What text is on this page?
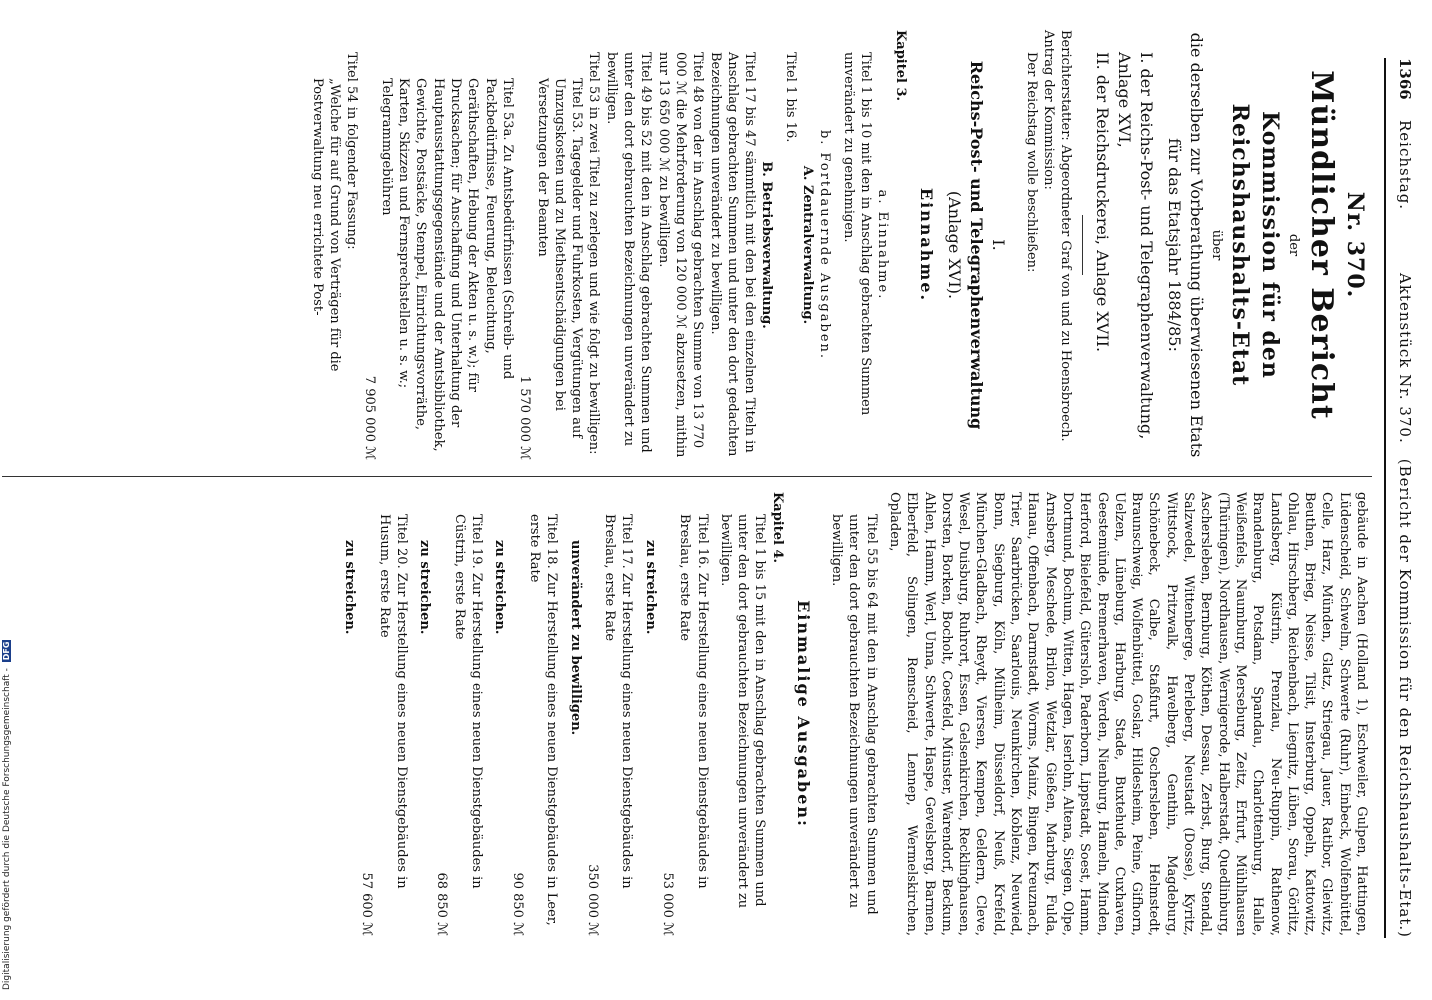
1366
Reichstag.
Aktenstück Nr. 370.
(Bericht der Kommission für den Reichshaushalts-Etat.)

Nr. 370.

Mündlicher Bericht

der

Kommission für den Reichshaushalts-Etat

über

die derselben zur Vorberathung überwiesenen Etats für das Etatsjahr 1884/85:

I. der Reichs-Post- und Telegraphenverwaltung, Anlage XVI,

II. der Reichsdruckerei, Anlage XVII.

Berichterstatter: Abgeordneter Graf von und zu Hoensbroech.

Antrag der Kommission:

Der Reichstag wolle beschließen:

I.

Reichs-Post- und Telegraphenverwaltung

(Anlage XVI).

Einnahme.

Kapitel 3.

a. Einnahme.

Titel 1 bis 10 mit den in Anschlag gebrachten Summen unverändert zu genehmigen.

b. Fortdauernde Ausgaben.

A. Zentralverwaltung.

Titel 1 bis 16.

B. Betriebsverwaltung.

Titel 17 bis 47 sämmtlich mit den bei den einzelnen Titeln in Anschlag gebrachten Summen und unter den dort gedachten Bezeichnungen unverändert zu bewilligen.

Titel 48 von der in Anschlag gebrachten Summe von 13 770 000 ℳ die Mehrforderung von 120 000 ℳ abzusetzen, mithin nur 13 650 000 ℳ zu bewilligen.

Titel 49 bis 52 mit den in Anschlag gebrachten Summen und unter den dort gebrauchten Bezeichnungen unverändert zu bewilligen.

Titel 53 in zwei Titel zu zerlegen und wie folgt zu bewilligen:

Titel 53. Tagegelder und Fuhrkosten, Vergütungen auf Umzugskosten und zu Miethsentschädigungen bei Versetzungen der Beamten

1 570 000 ℳ

Titel 53a. Zu Amtsbedürfnissen (Schreib- und Packbedürfnisse, Feuerung, Beleuchtung, Geräthschaften, Hebung der Akten u. s. w.); für Drucksachen; für Anschaffung und Unterhaltung der Hauptausstattungsgegenstände und der Amtsbibliothek, Gewichte, Postsäcke, Stempel, Einrichtungsvorräthe, Karten, Skizzen und Fernsprechstellen u. s. w.; Telegrammgebühren

7 905 000 ℳ

Titel 54 in folgender Fassung:

„Welche für auf Grund von Verträgen für die Postverwaltung neu errichtete Post-

gebäude in Aachen (Holland 1), Eschweiler, Gulpen, Hattingen, Lüdenscheid, Schwelm, Schwerte (Ruhr), Einbeck, Wolfenbüttel, Celle, Harz, Münden, Glatz, Striegau, Jauer, Ratibor, Gleiwitz, Beuthen, Brieg, Neisse, Tilsit, Insterburg, Oppeln, Kattowitz, Ohlau, Hirschberg, Reichenbach, Liegnitz, Lüben, Sorau, Görlitz, Landsberg, Küstrin, Prenzlau, Neu-Ruppin, Rathenow, Brandenburg, Potsdam, Spandau, Charlottenburg, Halle, Weißenfels, Naumburg, Merseburg, Zeitz, Erfurt, Mühlhausen (Thüringen), Nordhausen, Wernigerode, Halberstadt, Quedlinburg, Aschersleben, Bernburg, Köthen, Dessau, Zerbst, Burg, Stendal, Salzwedel, Wittenberge, Perleberg, Neustadt (Dosse), Kyritz, Wittstock, Pritzwalk, Havelberg, Genthin, Magdeburg, Schönebeck, Calbe, Staßfurt, Oschersleben, Helmstedt, Braunschweig, Wolfenbüttel, Goslar, Hildesheim, Peine, Gifhorn, Uelzen, Lüneburg, Harburg, Stade, Buxtehude, Cuxhaven, Geestemünde, Bremerhaven, Verden, Nienburg, Hameln, Minden, Herford, Bielefeld, Gütersloh, Paderborn, Lippstadt, Soest, Hamm, Dortmund, Bochum, Witten, Hagen, Iserlohn, Altena, Siegen, Olpe, Arnsberg, Meschede, Brilon, Wetzlar, Gießen, Marburg, Fulda, Hanau, Offenbach, Darmstadt, Worms, Mainz, Bingen, Kreuznach, Trier, Saarbrücken, Saarlouis, Neunkirchen, Koblenz, Neuwied, Bonn, Siegburg, Köln, Mülheim, Düsseldorf, Neuß, Krefeld, München-Gladbach, Rheydt, Viersen, Kempen, Geldern, Cleve, Wesel, Duisburg, Ruhrort, Essen, Gelsenkirchen, Recklinghausen, Dorsten, Borken, Bocholt, Coesfeld, Münster, Warendorf, Beckum, Ahlen, Hamm, Werl, Unna, Schwerte, Haspe, Gevelsberg, Barmen, Elberfeld, Solingen, Remscheid, Lennep, Wermelskirchen, Opladen,

Titel 55 bis 64 mit den in Anschlag gebrachten Summen und unter den dort gebrauchten Bezeichnungen unverändert zu bewilligen.

Einmalige Ausgaben:

Kapitel 4.

Titel 1 bis 15 mit den in Anschlag gebrachten Summen und unter den dort gebrauchten Bezeichnungen unverändert zu bewilligen.

Titel 16. Zur Herstellung eines neuen Dienstgebäudes in Breslau, erste Rate

53 000 ℳ

zu streichen.

Titel 17. Zur Herstellung eines neuen Dienstgebäudes in Breslau, erste Rate

350 000 ℳ

unverändert zu bewilligen.

Titel 18. Zur Herstellung eines neuen Dienstgebäudes in Leer, erste Rate

90 850 ℳ

zu streichen.

Titel 19. Zur Herstellung eines neuen Dienstgebäudes in Cüstrin, erste Rate

68 850 ℳ

zu streichen.

Titel 20. Zur Herstellung eines neuen Dienstgebäudes in Husum, erste Rate

57 600 ℳ

zu streichen.

Digitalisierung gefördert durch die Deutsche Forschungsgemeinschaft - DFG
